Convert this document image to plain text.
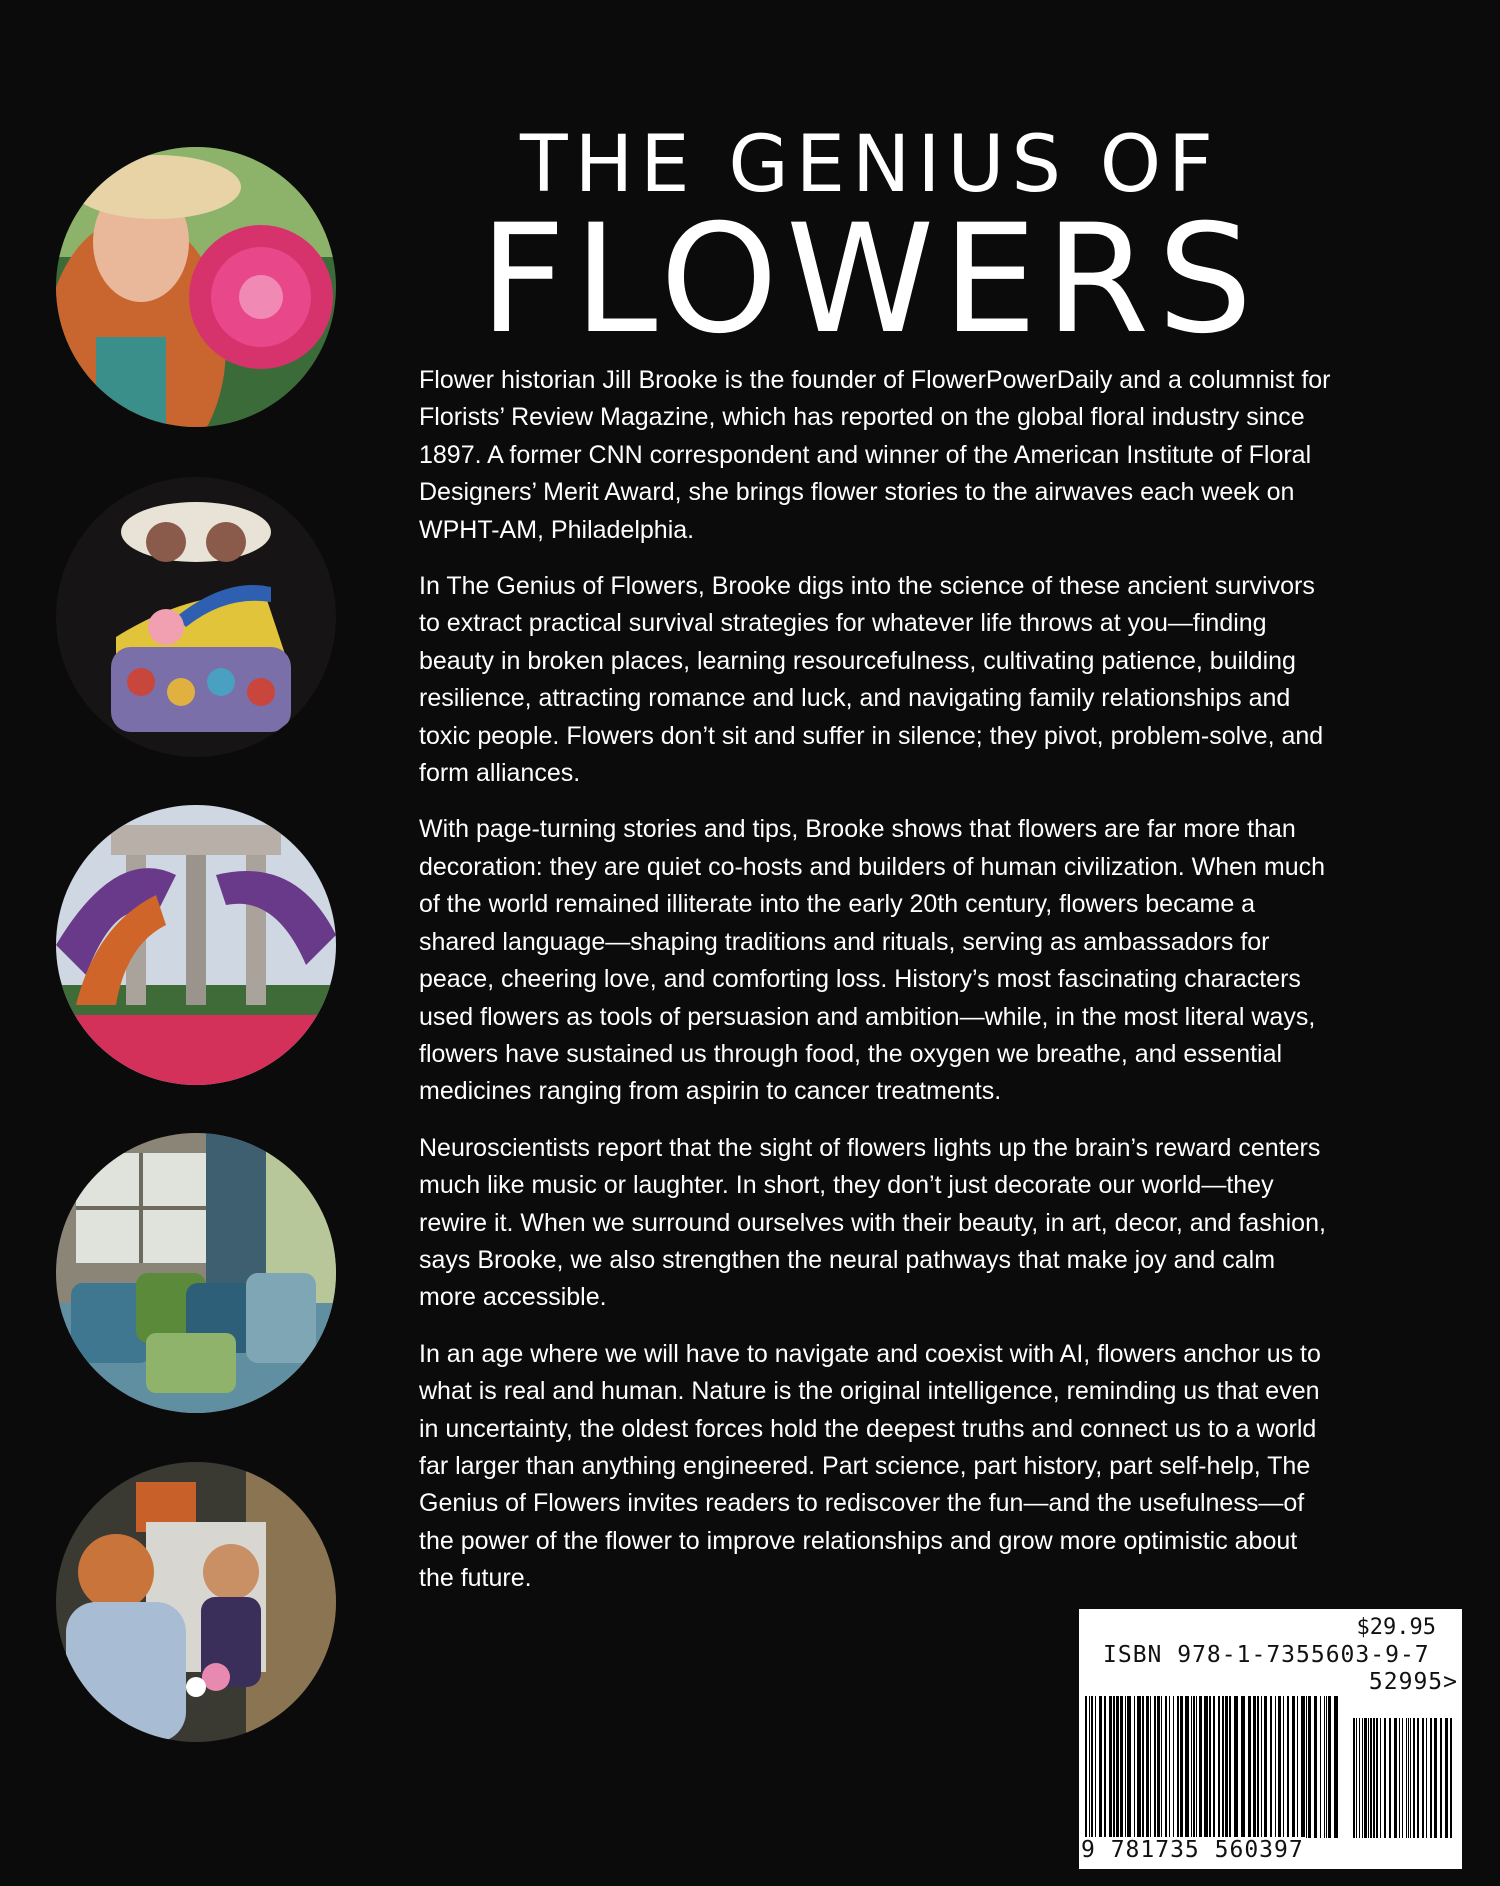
THE GENIUS OF
FLOWERS

Flower historian Jill Brooke is the founder of FlowerPowerDaily and a columnist for Florists’ Review Magazine, which has reported on the global floral industry since 1897. A former CNN correspondent and winner of the American Institute of Floral Designers’ Merit Award, she brings flower stories to the airwaves each week on WPHT-AM, Philadelphia.

In The Genius of Flowers, Brooke digs into the science of these ancient survivors to extract practical survival strategies for whatever life throws at you—finding beauty in broken places, learning resourcefulness, cultivating patience, building resilience, attracting romance and luck, and navigating family relationships and toxic people. Flowers don’t sit and suffer in silence; they pivot, problem-solve, and form alliances.

With page-turning stories and tips, Brooke shows that flowers are far more than decoration: they are quiet co-hosts and builders of human civilization. When much of the world remained illiterate into the early 20th century, flowers became a shared language—shaping traditions and rituals, serving as ambassadors for peace, cheering love, and comforting loss. History’s most fascinating characters used flowers as tools of persuasion and ambition—while, in the most literal ways, flowers have sustained us through food, the oxygen we breathe, and essential medicines ranging from aspirin to cancer treatments.

Neuroscientists report that the sight of flowers lights up the brain’s reward centers much like music or laughter. In short, they don’t just decorate our world—they rewire it. When we surround ourselves with their beauty, in art, decor, and fashion, says Brooke, we also strengthen the neural pathways that make joy and calm more accessible.

In an age where we will have to navigate and coexist with AI, flowers anchor us to what is real and human. Nature is the original intelligence, reminding us that even in uncertainty, the oldest forces hold the deepest truths and connect us to a world far larger than anything engineered. Part science, part history, part self-help, The Genius of Flowers invites readers to rediscover the fun—and the usefulness—of the power of the flower to improve relationships and grow more optimistic about the future.

$29.95
ISBN 978-1-7355603-9-7
52995>
9 781735 560397
